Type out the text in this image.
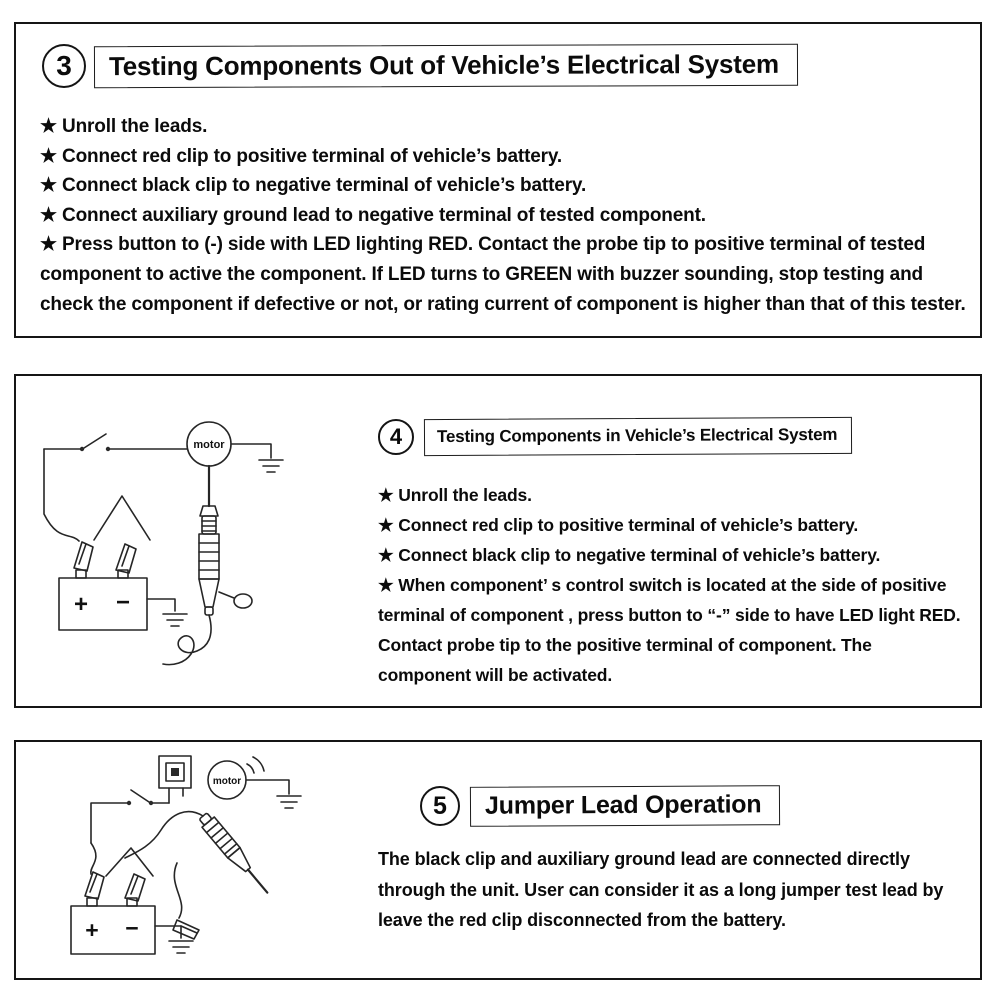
3	Testing Components Out of Vehicle’s Electrical System
★ Unroll the leads.
★ Connect red clip to positive terminal of vehicle’s battery.
★ Connect black clip to negative terminal of vehicle’s battery.
★ Connect auxiliary ground lead to negative terminal of tested component.
★ Press button to (-) side with LED lighting RED. Contact the probe tip to positive terminal of tested component to active the component. If LED turns to GREEN with buzzer sounding, stop testing and check the component if defective or not, or rating current of component is higher than that of this tester.
motor
+ −
4	Testing Components in Vehicle’s Electrical System
★ Unroll the leads.
★ Connect red clip to positive terminal of vehicle’s battery.
★ Connect black clip to negative terminal of vehicle’s battery.
★ When component’ s control switch is located at the side of positive terminal of component , press button to “-” side to have LED light RED. Contact probe tip to the positive terminal of component. The component will be activated.
motor
+ −
5	Jumper Lead Operation
The black clip and auxiliary ground lead are connected directly through the unit. User can consider it as a long jumper test lead by leave the red clip disconnected from the battery.
